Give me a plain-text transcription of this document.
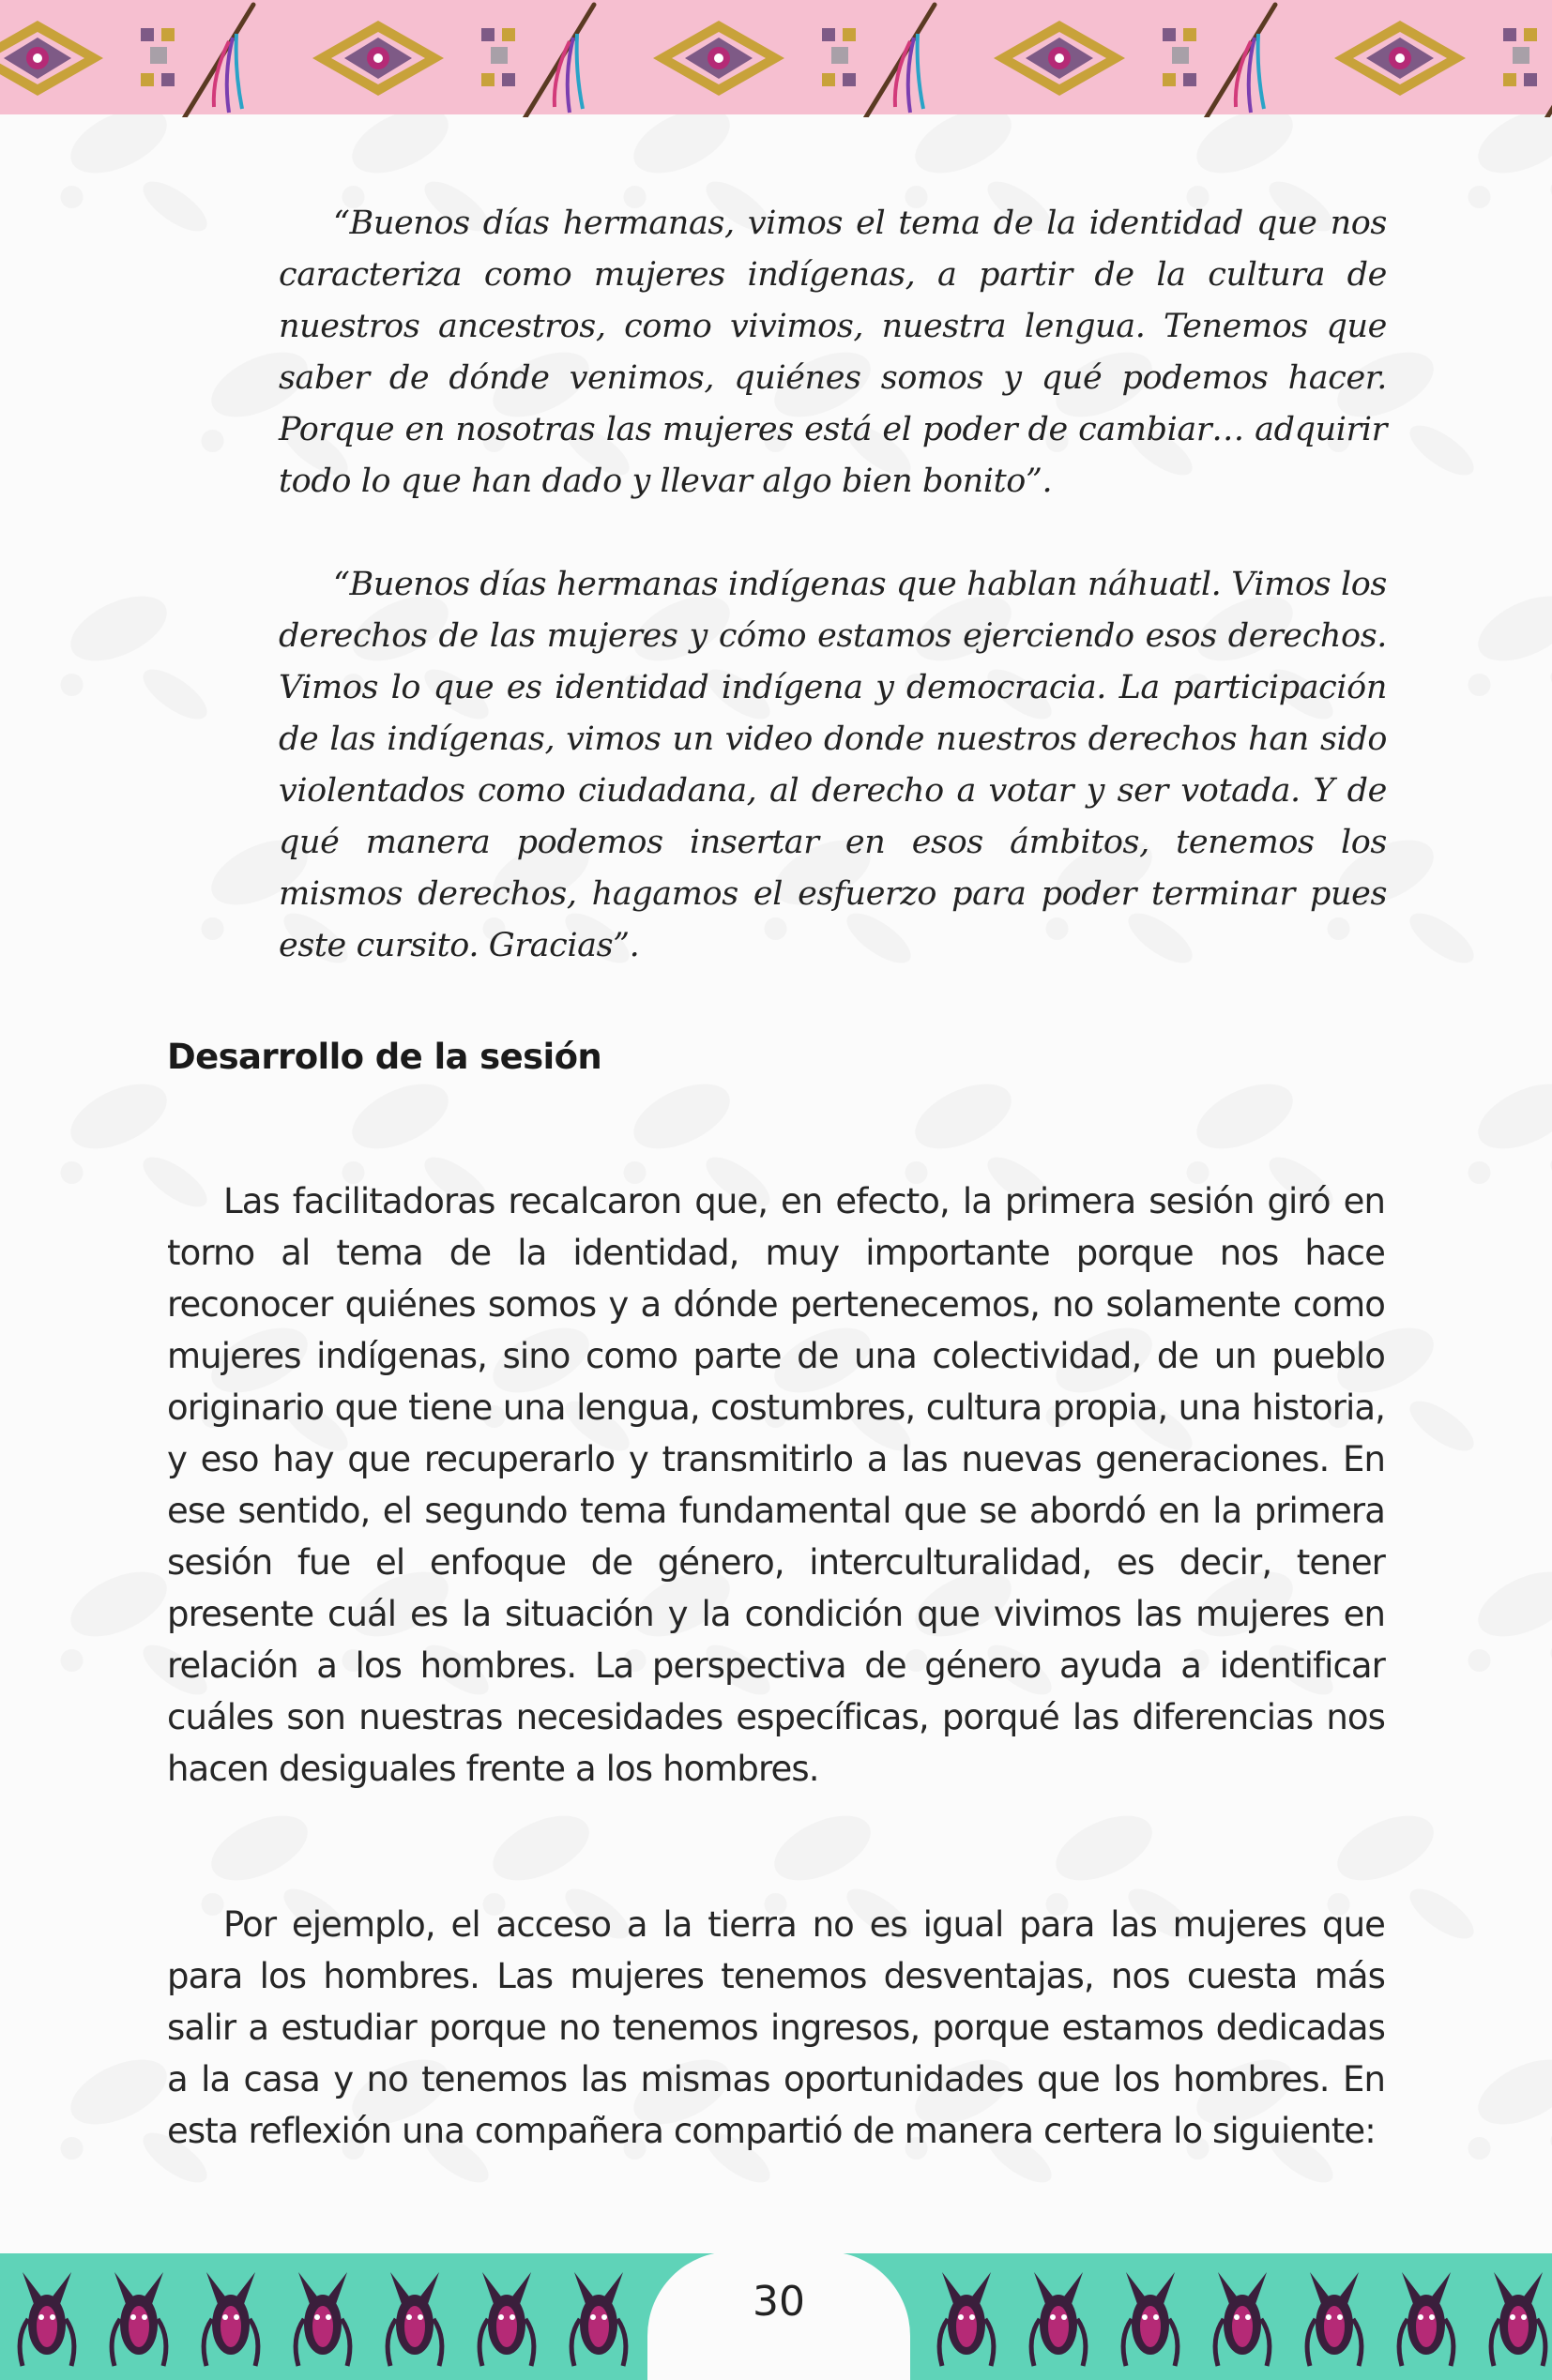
“Buenos días hermanas, vimos el tema de la identidad que nos caracteriza como mujeres indígenas, a partir de la cultura de nuestros ancestros, como vivimos, nuestra lengua. Tenemos que saber de dónde venimos, quiénes somos y qué podemos hacer. Porque en nosotras las mujeres está el poder de cambiar… adquirir todo lo que han dado y llevar algo bien bonito”.

“Buenos días hermanas indígenas que hablan náhuatl. Vimos los derechos de las mujeres y cómo estamos ejerciendo esos derechos. Vimos lo que es identidad indígena y democracia. La participación de las indígenas, vimos un video donde nuestros derechos han sido violentados como ciudadana, al derecho a votar y ser votada. Y de qué manera podemos insertar en esos ámbitos, tenemos los mismos derechos, hagamos el esfuerzo para poder terminar pues este cursito. Gracias”.

Desarrollo de la sesión

Las facilitadoras recalcaron que, en efecto, la primera sesión giró en torno al tema de la identidad, muy importante porque nos hace reconocer quiénes somos y a dónde pertenecemos, no solamente como mujeres indígenas, sino como parte de una colectividad, de un pueblo originario que tiene una lengua, costumbres, cultura propia, una historia, y eso hay que recuperarlo y transmitirlo a las nuevas generaciones. En ese sentido, el segundo tema fundamental que se abordó en la primera sesión fue el enfoque de género, interculturalidad, es decir, tener presente cuál es la situación y la condición que vivimos las mujeres en relación a los hombres. La perspectiva de género ayuda a identificar cuáles son nuestras necesidades específicas, porqué las diferencias nos hacen desiguales frente a los hombres.

Por ejemplo, el acceso a la tierra no es igual para las mujeres que para los hombres. Las mujeres tenemos desventajas, nos cuesta más salir a estudiar porque no tenemos ingresos, porque estamos dedicadas a la casa y no tenemos las mismas oportunidades que los hombres. En esta reflexión una compañera compartió de manera certera lo siguiente:

30
